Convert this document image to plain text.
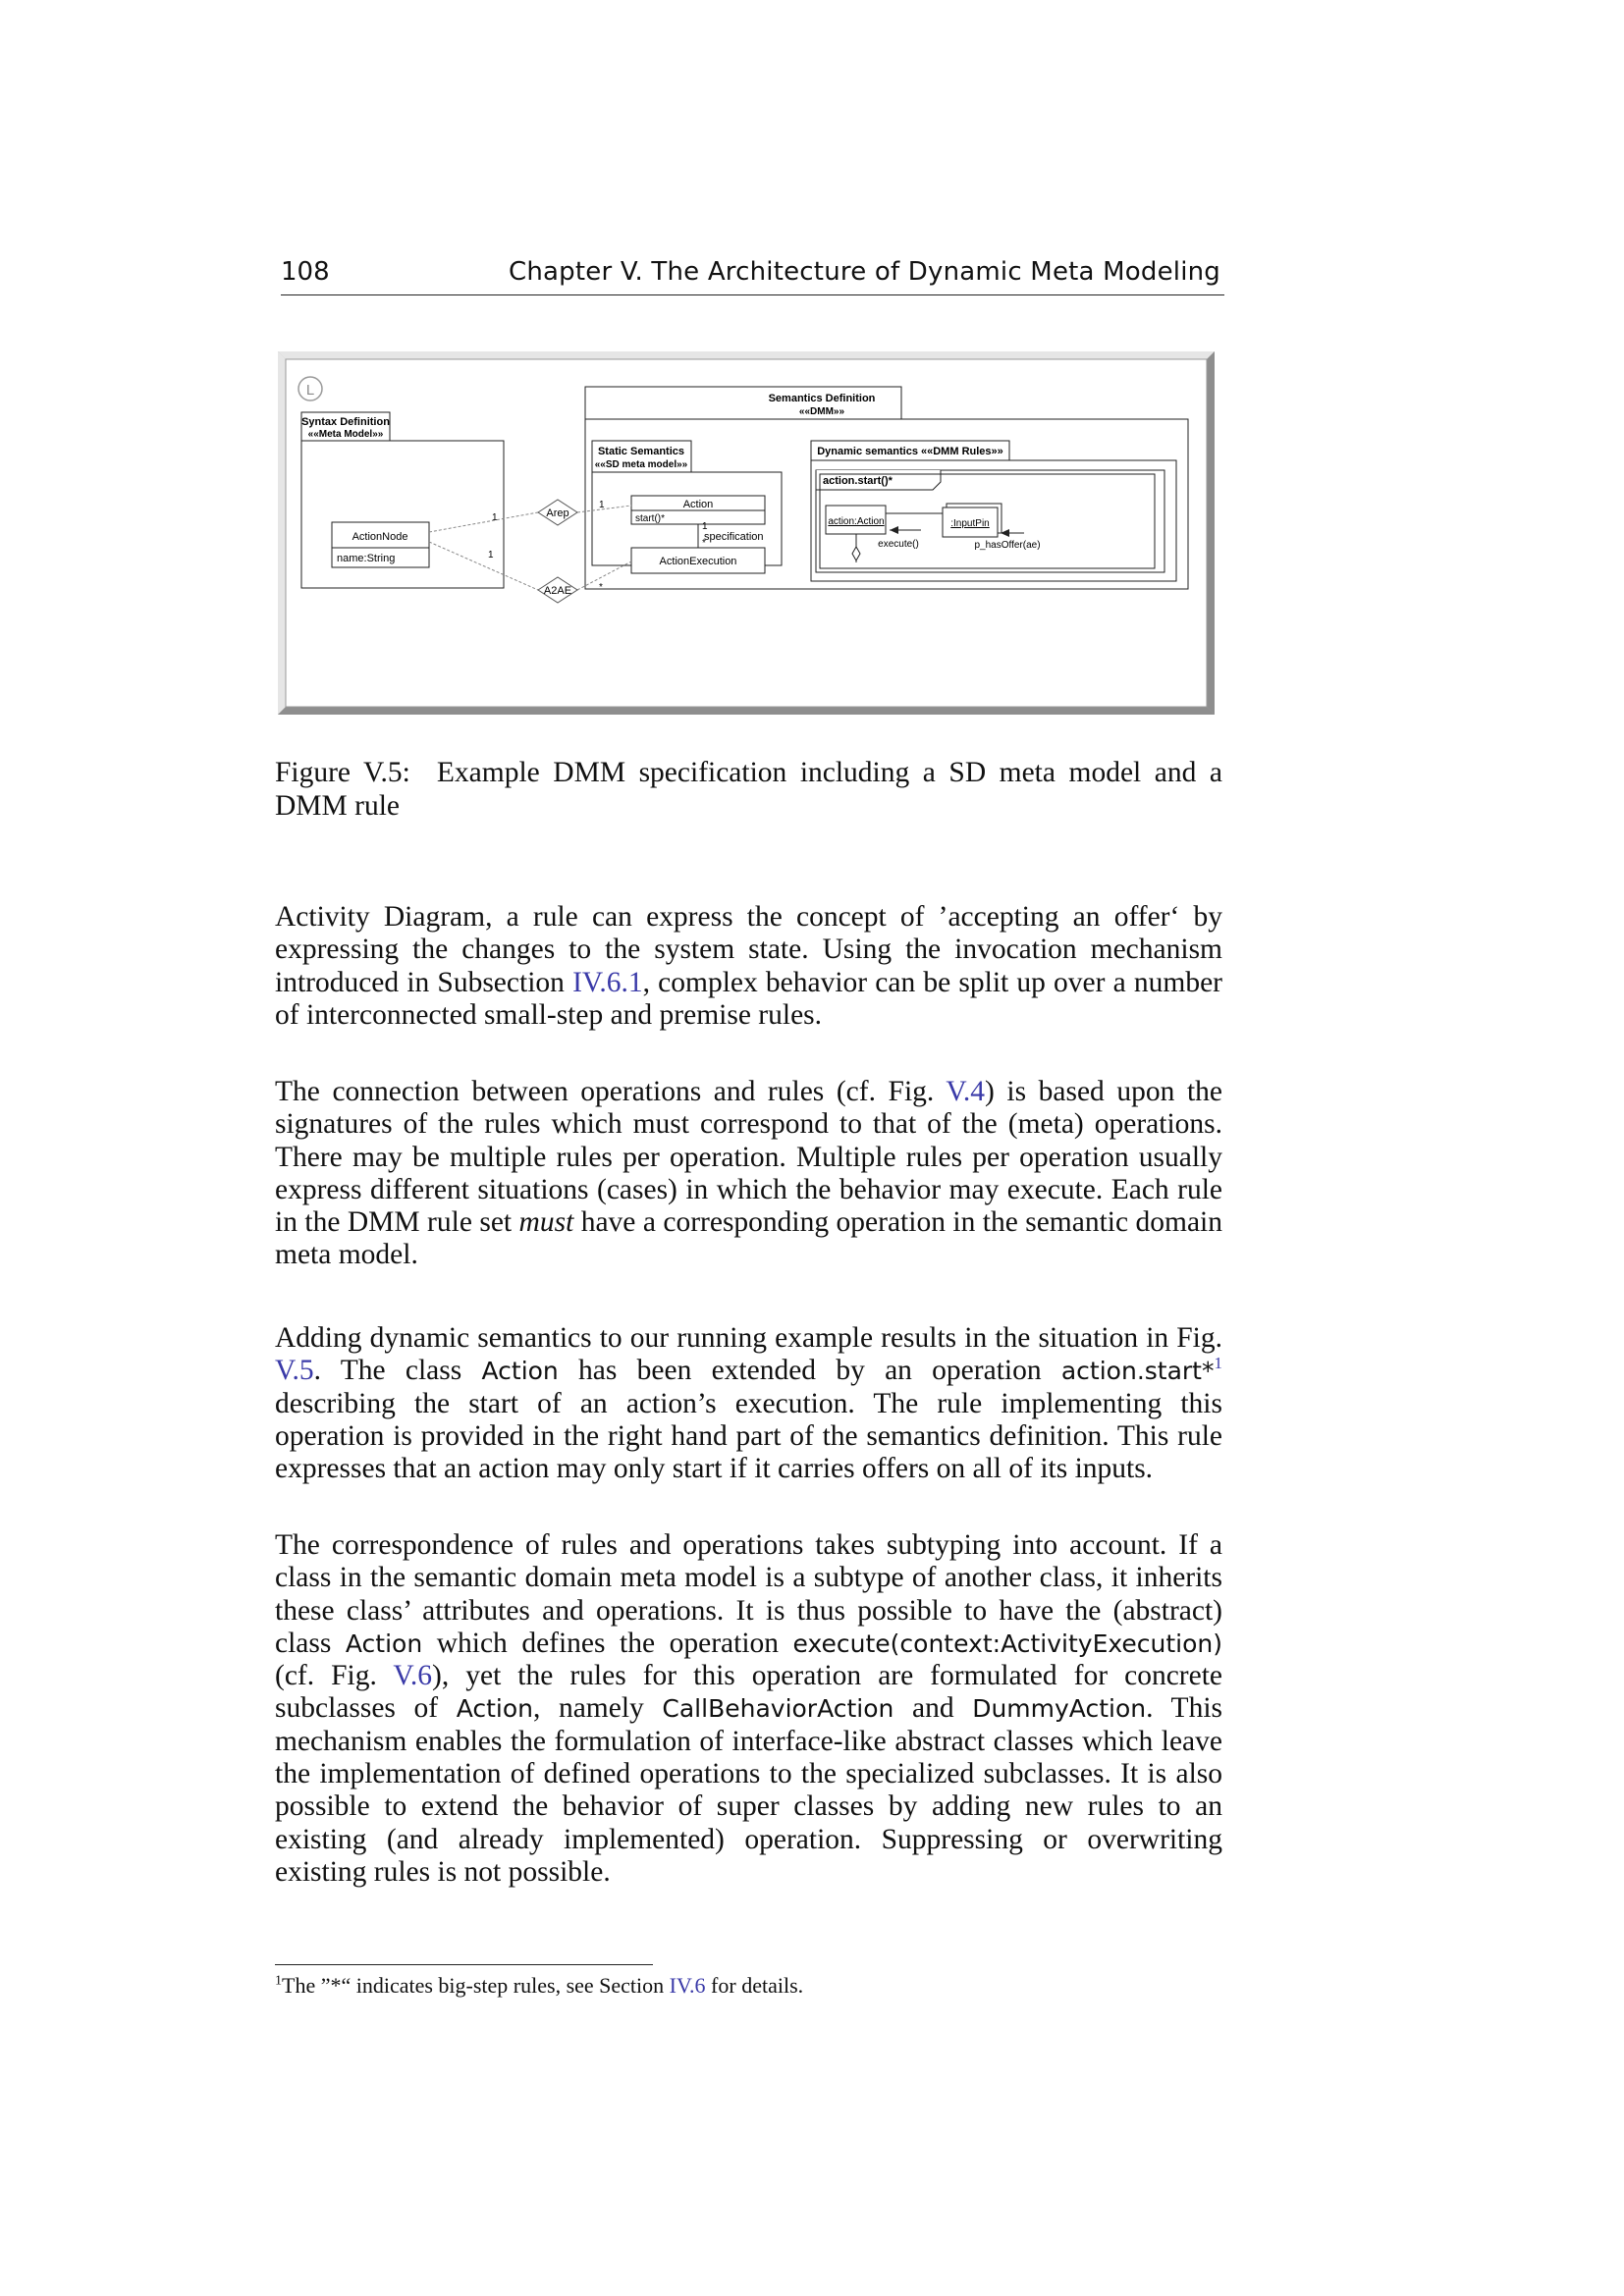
108	Chapter V. The Architecture of Dynamic Meta Modeling
L
Syntax Definition
««Meta Model»»
ActionNode
name:String
Semantics Definition
««DMM»»
Static Semantics
««SD meta model»»
Action
start()*
ActionExecution
1
*
specification
Arep
A2AE
1
1
1
*
Dynamic semantics ««DMM Rules»»
action.start()*
action:Action	:InputPin
execute()	p_hasOffer(ae)
Figure V.5: Example DMM specification including a SD meta model and a DMM rule

Activity Diagram, a rule can express the concept of ’accepting an offer‘ by expressing the changes to the system state. Using the invocation mechanism introduced in Subsection IV.6.1, complex behavior can be split up over a number of interconnected small-step and premise rules.

The connection between operations and rules (cf. Fig. V.4) is based upon the signatures of the rules which must correspond to that of the (meta) operations. There may be multiple rules per operation. Multiple rules per operation usually express different situations (cases) in which the behavior may execute. Each rule in the DMM rule set must have a corresponding operation in the semantic domain meta model.

Adding dynamic semantics to our running example results in the situation in Fig. V.5. The class Action has been extended by an operation action.start*$^1$ describing the start of an action’s execution. The rule implementing this operation is provided in the right hand part of the semantics definition. This rule expresses that an action may only start if it carries offers on all of its inputs.

The correspondence of rules and operations takes subtyping into account. If a class in the semantic domain meta model is a subtype of another class, it inherits these class’ attributes and operations. It is thus possible to have the (abstract) class Action which defines the operation execute(context:ActivityExecution) (cf. Fig. V.6), yet the rules for this operation are formulated for concrete subclasses of Action, namely CallBehaviorAction and DummyAction. This mechanism enables the formulation of interface-like abstract classes which leave the implementation of defined operations to the specialized subclasses. It is also possible to extend the behavior of super classes by adding new rules to an existing (and already implemented) operation. Suppressing or overwriting existing rules is not possible.

$^1$The ”*“ indicates big-step rules, see Section IV.6 for details.
